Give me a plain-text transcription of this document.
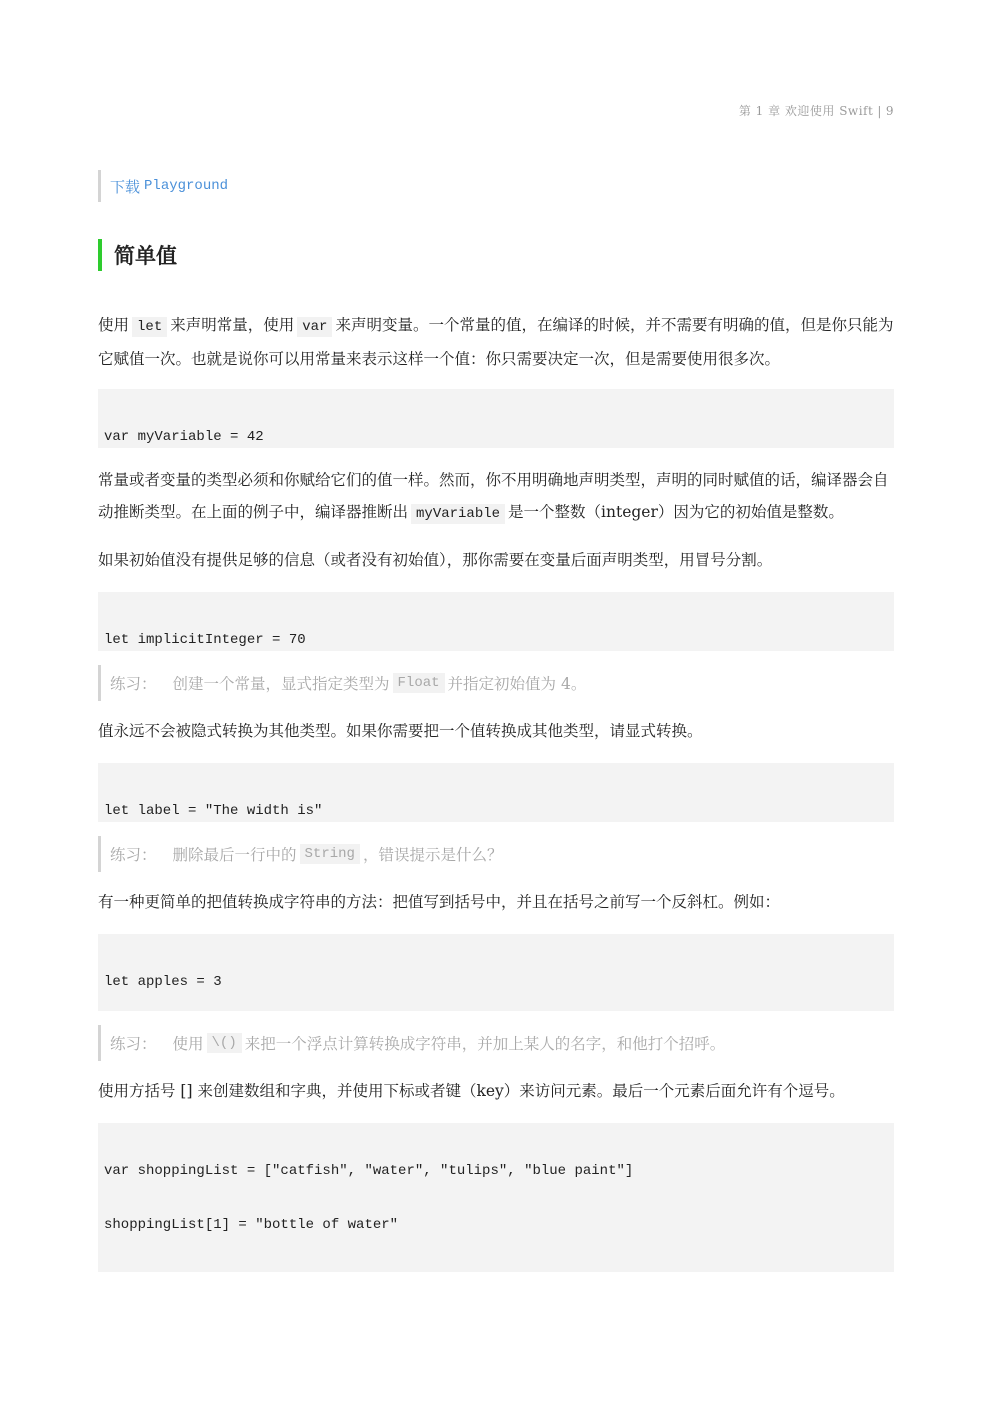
第 1 章 欢迎使用 Swift | 9
下载 Playground
简单值
使用 let 来声明常量，使用 var 来声明变量。一个常量的值，在编译的时候，并不需要有明确的值，但是你只能为它赋值一次。也就是说你可以用常量来表示这样一个值：你只需要决定一次，但是需要使用很多次。

var myVariable = 42

常量或者变量的类型必须和你赋给它们的值一样。然而，你不用明确地声明类型，声明的同时赋值的话，编译器会自动推断类型。在上面的例子中，编译器推断出 myVariable 是一个整数（integer）因为它的初始值是整数。
如果初始值没有提供足够的信息（或者没有初始值），那你需要在变量后面声明类型，用冒号分割。

let implicitInteger = 70

练习： 创建一个常量，显式指定类型为 Float 并指定初始值为 4。
值永远不会被隐式转换为其他类型。如果你需要把一个值转换成其他类型，请显式转换。

let label = "The width is"

练习： 删除最后一行中的 String ，错误提示是什么？
有一种更简单的把值转换成字符串的方法：把值写到括号中，并且在括号之前写一个反斜杠。例如：

let apples = 3

练习： 使用 \() 来把一个浮点计算转换成字符串，并加上某人的名字，和他打个招呼。
使用方括号 [] 来创建数组和字典，并使用下标或者键（key）来访问元素。最后一个元素后面允许有个逗号。

var shoppingList = ["catfish", "water", "tulips", "blue paint"]

shoppingList[1] = "bottle of water"
